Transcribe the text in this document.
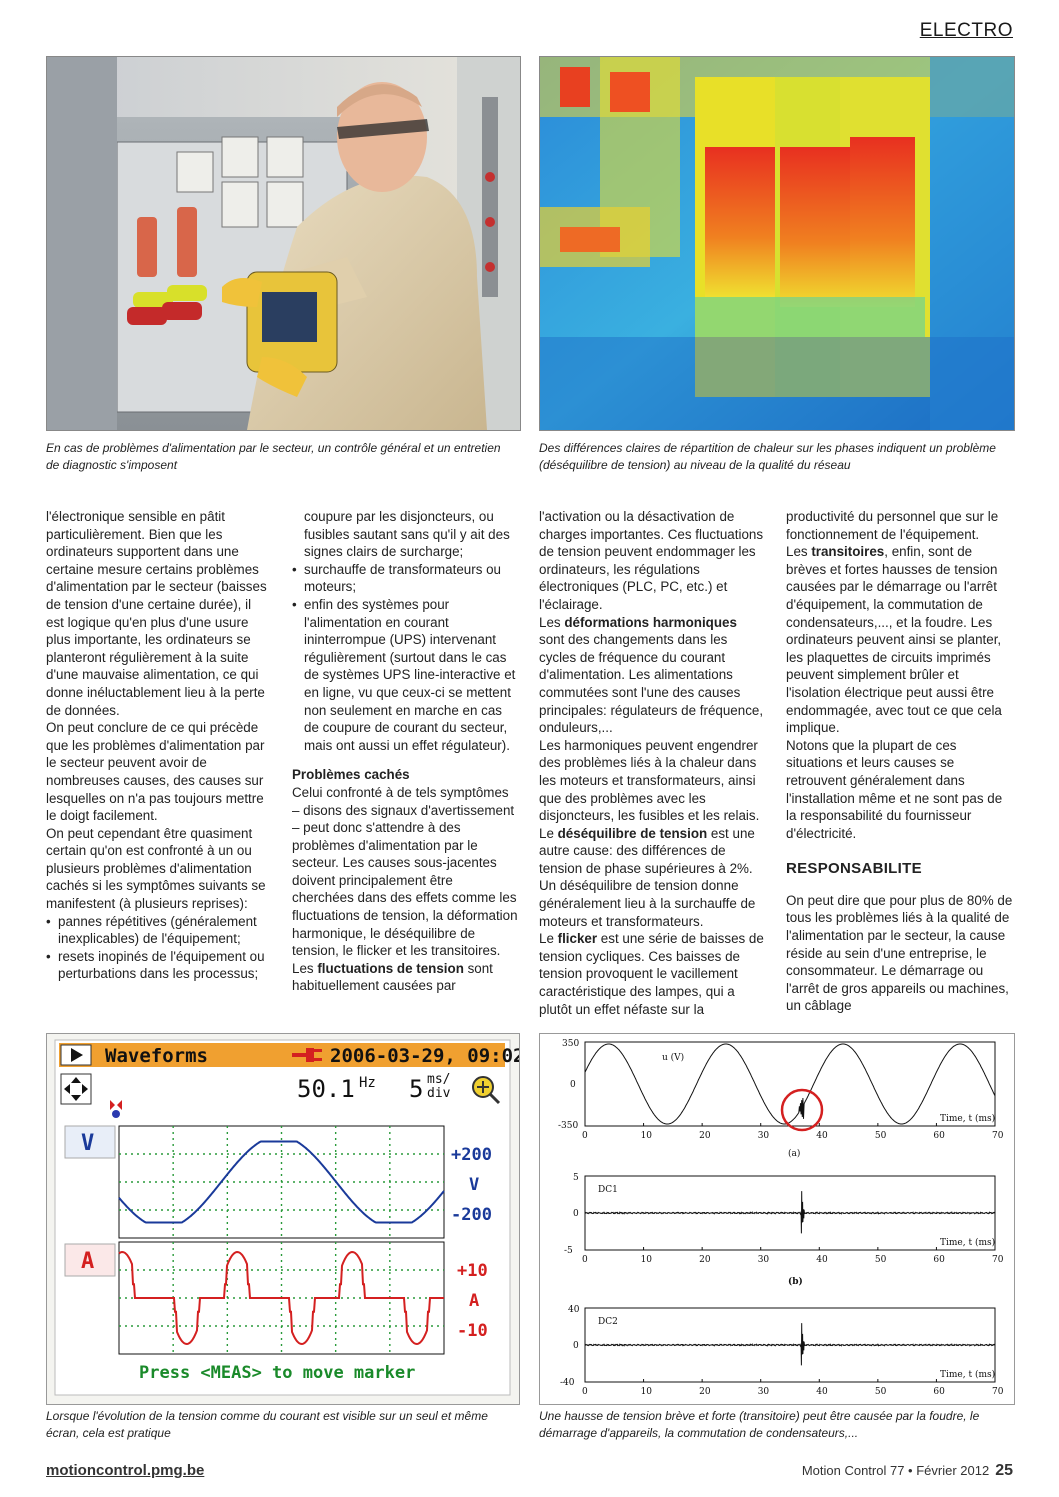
ELECTRO
En cas de problèmes d'alimentation par le secteur, un contrôle général et un entretien de diagnostic s'imposent
Des différences claires de répartition de chaleur sur les phases indiquent un problème (déséquilibre de tension) au niveau de la qualité du réseau

l'électronique sensible en pâtit particulièrement. Bien que les ordinateurs supportent dans une certaine mesure certains problèmes d'alimentation par le secteur (baisses de tension d'une certaine durée), il est logique qu'en plus d'une usure plus importante, les ordinateurs se planteront régulièrement à la suite d'une mauvaise alimentation, ce qui donne inéluctablement lieu à la perte de données.

On peut conclure de ce qui précède que les problèmes d'alimentation par le secteur peuvent avoir de nombreuses causes, des causes sur lesquelles on n'a pas toujours mettre le doigt facilement.

On peut cependant être quasiment certain qu'on est confronté à un ou plusieurs problèmes d'alimentation cachés si les symptômes suivants se manifestent (à plusieurs reprises):

• pannes répétitives (généralement inexplicables) de l'équipement;
• resets inopinés de l'équipement ou perturbations dans les processus;
coupure par les disjoncteurs, ou fusibles sautant sans qu'il y ait des signes clairs de surcharge;
• surchauffe de transformateurs ou moteurs;
• enfin des systèmes pour l'alimentation en courant ininterrompue (UPS) intervenant régulièrement (surtout dans le cas de systèmes UPS line-interactive et en ligne, vu que ceux-ci se mettent non seulement en marche en cas de coupure de courant du secteur, mais ont aussi un effet régulateur).

Problèmes cachés

Celui confronté à de tels symptômes – disons des signaux d'avertissement – peut donc s'attendre à des problèmes d'alimentation par le secteur. Les causes sous-jacentes doivent principalement être cherchées dans des effets comme les fluctuations de tension, la déformation harmonique, le déséquilibre de tension, le flicker et les transitoires.

Les fluctuations de tension sont habituellement causées par

l'activation ou la désactivation de charges importantes. Ces fluctuations de tension peuvent endommager les ordinateurs, les régulations électroniques (PLC, PC, etc.) et l'éclairage.

Les déformations harmoniques sont des changements dans les cycles de fréquence du courant d'alimentation. Les alimentations commutées sont l'une des causes principales: régulateurs de fréquence, onduleurs,...

Les harmoniques peuvent engendrer des problèmes liés à la chaleur dans les moteurs et transformateurs, ainsi que des problèmes avec les disjoncteurs, les fusibles et les relais.

Le déséquilibre de tension est une autre cause: des différences de tension de phase supérieures à 2%. Un déséquilibre de tension donne généralement lieu à la surchauffe de moteurs et transformateurs.

Le flicker est une série de baisses de tension cycliques. Ces baisses de tension provoquent le vacillement caractéristique des lampes, qui a plutôt un effet néfaste sur la

productivité du personnel que sur le fonctionnement de l'équipement.

Les transitoires, enfin, sont de brèves et fortes hausses de tension causées par le démarrage ou l'arrêt d'équipement, la commutation de condensateurs,..., et la foudre. Les ordinateurs peuvent ainsi se planter, les plaquettes de circuits imprimés peuvent simplement brûler et l'isolation électrique peut aussi être endommagée, avec tout ce que cela implique.

Notons que la plupart de ces situations et leurs causes se retrouvent généralement dans l'installation même et ne sont pas de la responsabilité du fournisseur d'électricité.

RESPONSABILITE

On peut dire que pour plus de 80% de tous les problèmes liés à la qualité de l'alimentation par le secteur, la cause réside au sein d'une entreprise, le consommateur. Le démarrage ou l'arrêt de gros appareils ou machines, un câblage

Waveforms	2006-03-29, 09:02
50.1 Hz 5 ms/
div
V	+200
V
-200
A	+10
A
-10
Press <MEAS> to move marker
Lorsque l'évolution de la tension comme du courant est visible sur un seul et même écran, cela est pratique
350
0
-350
u (V)
Time, t (ms)
0	10	20	30	40	50	60	70
(a)
5
0
-5
DC1
Time, t (ms)
0	10	20	30	40	50	60	70
(b)
40
0
-40
DC2
Time, t (ms)
0	10	20	30	40	50	60	70
Une hausse de tension brève et forte (transitoire) peut être causée par la foudre, le démarrage d'appareils, la commutation de condensateurs,...
motioncontrol.pmg.be	Motion Control 77 • Février 2012 25
